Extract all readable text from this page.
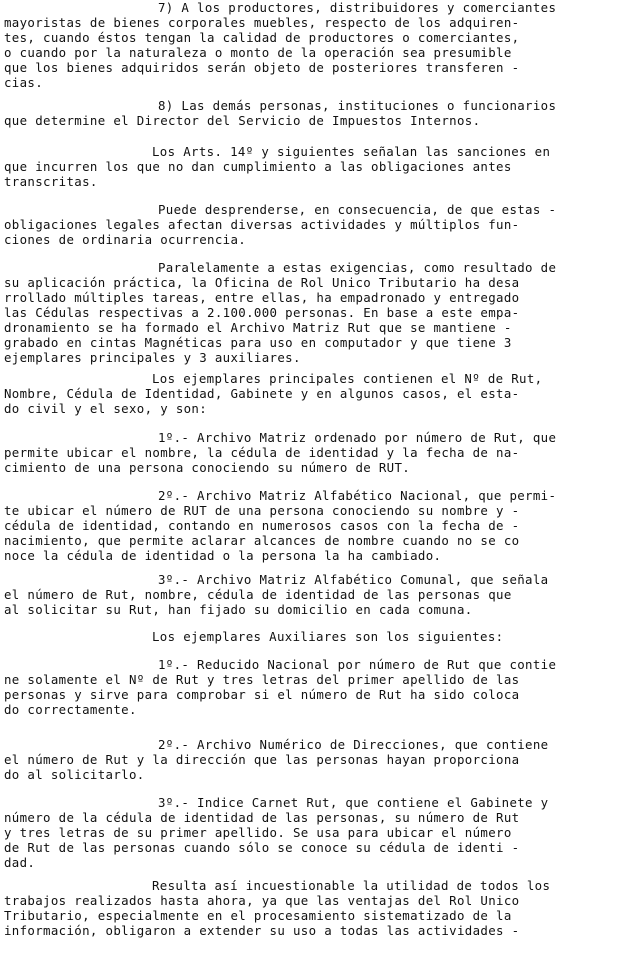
7) A los productores, distribuidores y comerciantes
mayoristas de bienes corporales muebles, respecto de los adquiren-
tes, cuando éstos tengan la calidad de productores o comerciantes,
o cuando por la naturaleza o monto de la operación sea presumible
que los bienes adquiridos serán objeto de posteriores transferen -
cias.
8) Las demás personas, instituciones o funcionarios
que determine el Director del Servicio de Impuestos Internos.
Los Arts. 14º y siguientes señalan las sanciones en
que incurren los que no dan cumplimiento a las obligaciones antes
transcritas.
Puede desprenderse, en consecuencia, de que estas -
obligaciones legales afectan diversas actividades y múltiplos fun-
ciones de ordinaria ocurrencia.
Paralelamente a estas exigencias, como resultado de
su aplicación práctica, la Oficina de Rol Unico Tributario ha desa
rrollado múltiples tareas, entre ellas, ha empadronado y entregado
las Cédulas respectivas a 2.100.000 personas. En base a este empa-
dronamiento se ha formado el Archivo Matriz Rut que se mantiene -
grabado en cintas Magnéticas para uso en computador y que tiene 3
ejemplares principales y 3 auxiliares.
Los ejemplares principales contienen el Nº de Rut,
Nombre, Cédula de Identidad, Gabinete y en algunos casos, el esta-
do civil y el sexo, y son:
1º.- Archivo Matriz ordenado por número de Rut, que
permite ubicar el nombre, la cédula de identidad y la fecha de na-
cimiento de una persona conociendo su número de RUT.
2º.- Archivo Matriz Alfabético Nacional, que permi-
te ubicar el número de RUT de una persona conociendo su nombre y -
cédula de identidad, contando en numerosos casos con la fecha de -
nacimiento, que permite aclarar alcances de nombre cuando no se co
noce la cédula de identidad o la persona la ha cambiado.
3º.- Archivo Matriz Alfabético Comunal, que señala
el número de Rut, nombre, cédula de identidad de las personas que
al solicitar su Rut, han fijado su domicilio en cada comuna.
Los ejemplares Auxiliares son los siguientes:
1º.- Reducido Nacional por número de Rut que contie
ne solamente el Nº de Rut y tres letras del primer apellido de las
personas y sirve para comprobar si el número de Rut ha sido coloca
do correctamente.
2º.- Archivo Numérico de Direcciones, que contiene
el número de Rut y la dirección que las personas hayan proporciona
do al solicitarlo.
3º.- Indice Carnet Rut, que contiene el Gabinete y
número de la cédula de identidad de las personas, su número de Rut
y tres letras de su primer apellido. Se usa para ubicar el número
de Rut de las personas cuando sólo se conoce su cédula de identi -
dad.
Resulta así incuestionable la utilidad de todos los
trabajos realizados hasta ahora, ya que las ventajas del Rol Unico
Tributario, especialmente en el procesamiento sistematizado de la
información, obligaron a extender su uso a todas las actividades -
